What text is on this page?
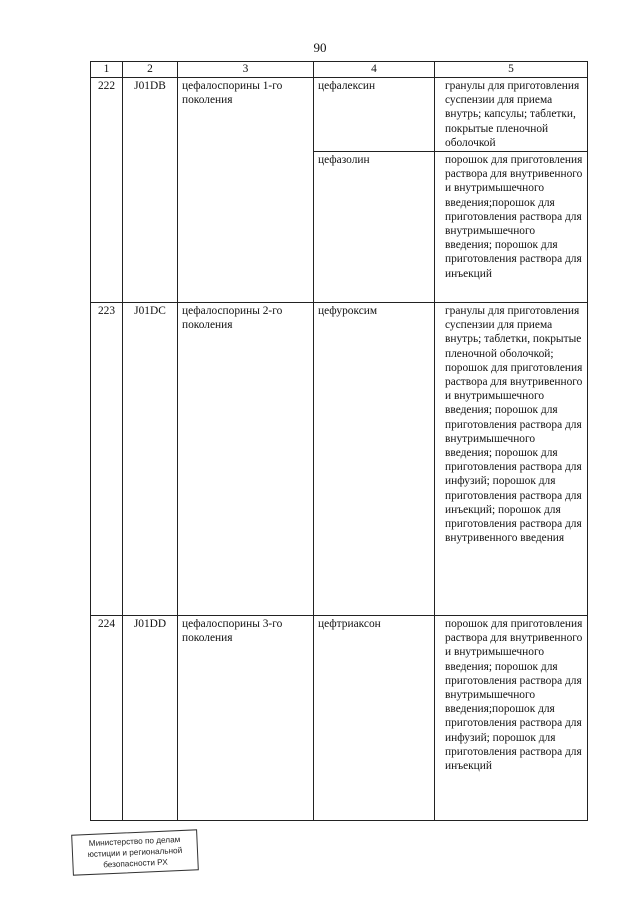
90
1	2	3	4	5
222	J01DB	цефалоспорины 1-го поколения	цефалексин	гранулы для приготовления суспензии для приема внутрь; капсулы; таблетки, покрытые пленочной оболочкой
			цефазолин	порошок для приготовления раствора для внутривенного и внутримышечного введения;порошок для приготовления раствора для внутримышечного введения; порошок для приготовления раствора для инъекций
223	J01DC	цефалоспорины 2-го поколения	цефуроксим	гранулы для приготовления суспензии для приема внутрь; таблетки, покрытые пленочной оболочкой; порошок для приготовления раствора для внутривенного и внутримышечного введения; порошок для приготовления раствора для внутримышечного введения; порошок для приготовления раствора для инфузий; порошок для приготовления раствора для инъекций; порошок для приготовления раствора для внутривенного введения
224	J01DD	цефалоспорины 3-го поколения	цефтриаксон	порошок для приготовления раствора для внутривенного и внутримышечного введения; порошок для приготовления раствора для внутримышечного введения;порошок для приготовления раствора для инфузий; порошок для приготовления раствора для инъекций
Министерство по делам
юстиции и региональной
безопасности РХ
